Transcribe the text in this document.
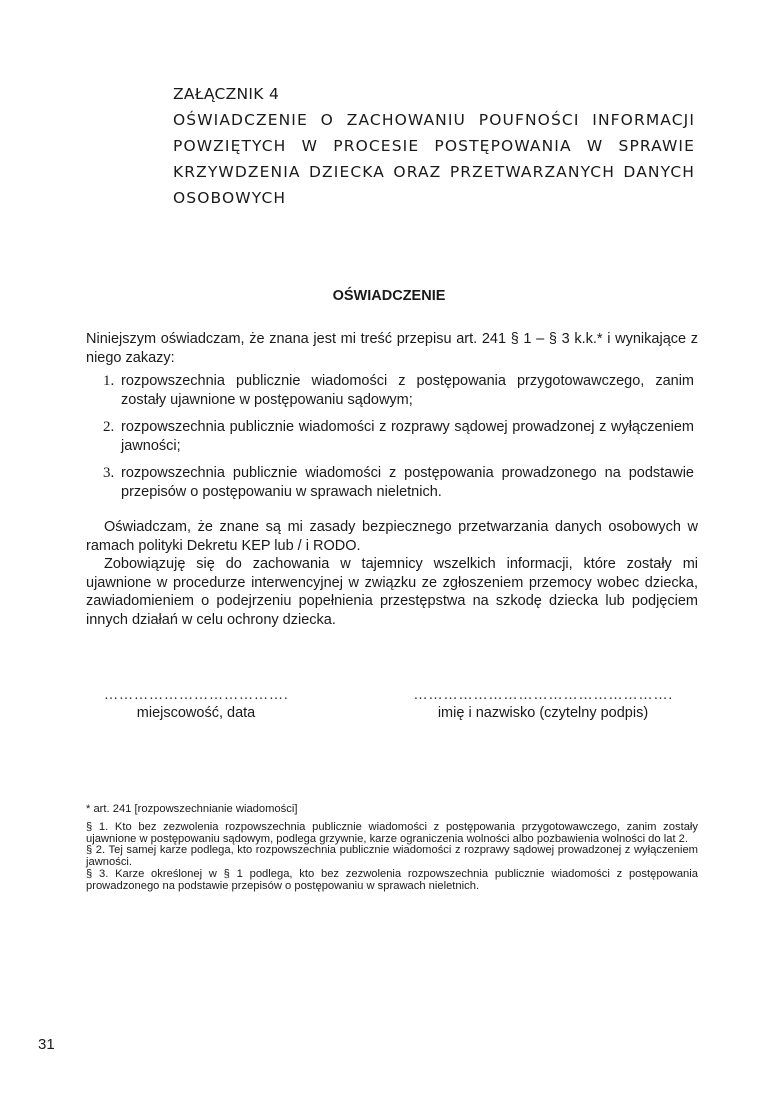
ZAŁĄCZNIK 4
OŚWIADCZENIE O ZACHOWANIU POUFNOŚCI INFORMACJI POWZIĘTYCH W PROCESIE POSTĘPOWANIA W SPRAWIE KRZYWDZENIA DZIECKA ORAZ PRZETWARZANYCH DANYCH OSOBOWYCH
OŚWIADCZENIE
Niniejszym oświadczam, że znana jest mi treść przepisu art. 241 § 1 – § 3 k.k.* i wynikające z niego zakazy:
1. rozpowszechnia publicznie wiadomości z postępowania przygotowawczego, zanim zostały ujawnione w postępowaniu sądowym;
2. rozpowszechnia publicznie wiadomości z rozprawy sądowej prowadzonej z wyłączeniem jawności;
3. rozpowszechnia publicznie wiadomości z postępowania prowadzonego na podstawie przepisów o postępowaniu w sprawach nieletnich.

Oświadczam, że znane są mi zasady bezpiecznego przetwarzania danych osobowych w ramach polityki Dekretu KEP lub / i RODO.

Zobowiązuję się do zachowania w tajemnicy wszelkich informacji, które zostały mi ujawnione w procedurze interwencyjnej w związku ze zgłoszeniem przemocy wobec dziecka, zawiadomieniem o podejrzeniu popełnienia przestępstwa na szkodę dziecka lub podjęciem innych działań w celu ochrony dziecka.

……………………………….
miejscowość, data
…………………………………………….
imię i nazwisko (czytelny podpis)

* art. 241 [rozpowszechnianie wiadomości]

§ 1. Kto bez zezwolenia rozpowszechnia publicznie wiadomości z postępowania przygotowawczego, zanim zostały ujawnione w postępowaniu sądowym, podlega grzywnie, karze ograniczenia wolności albo pozbawienia wolności do lat 2.

§ 2. Tej samej karze podlega, kto rozpowszechnia publicznie wiadomości z rozprawy sądowej prowadzonej z wyłączeniem jawności.

§ 3. Karze określonej w § 1 podlega, kto bez zezwolenia rozpowszechnia publicznie wiadomości z postępowania prowadzonego na podstawie przepisów o postępowaniu w sprawach nieletnich.

31
